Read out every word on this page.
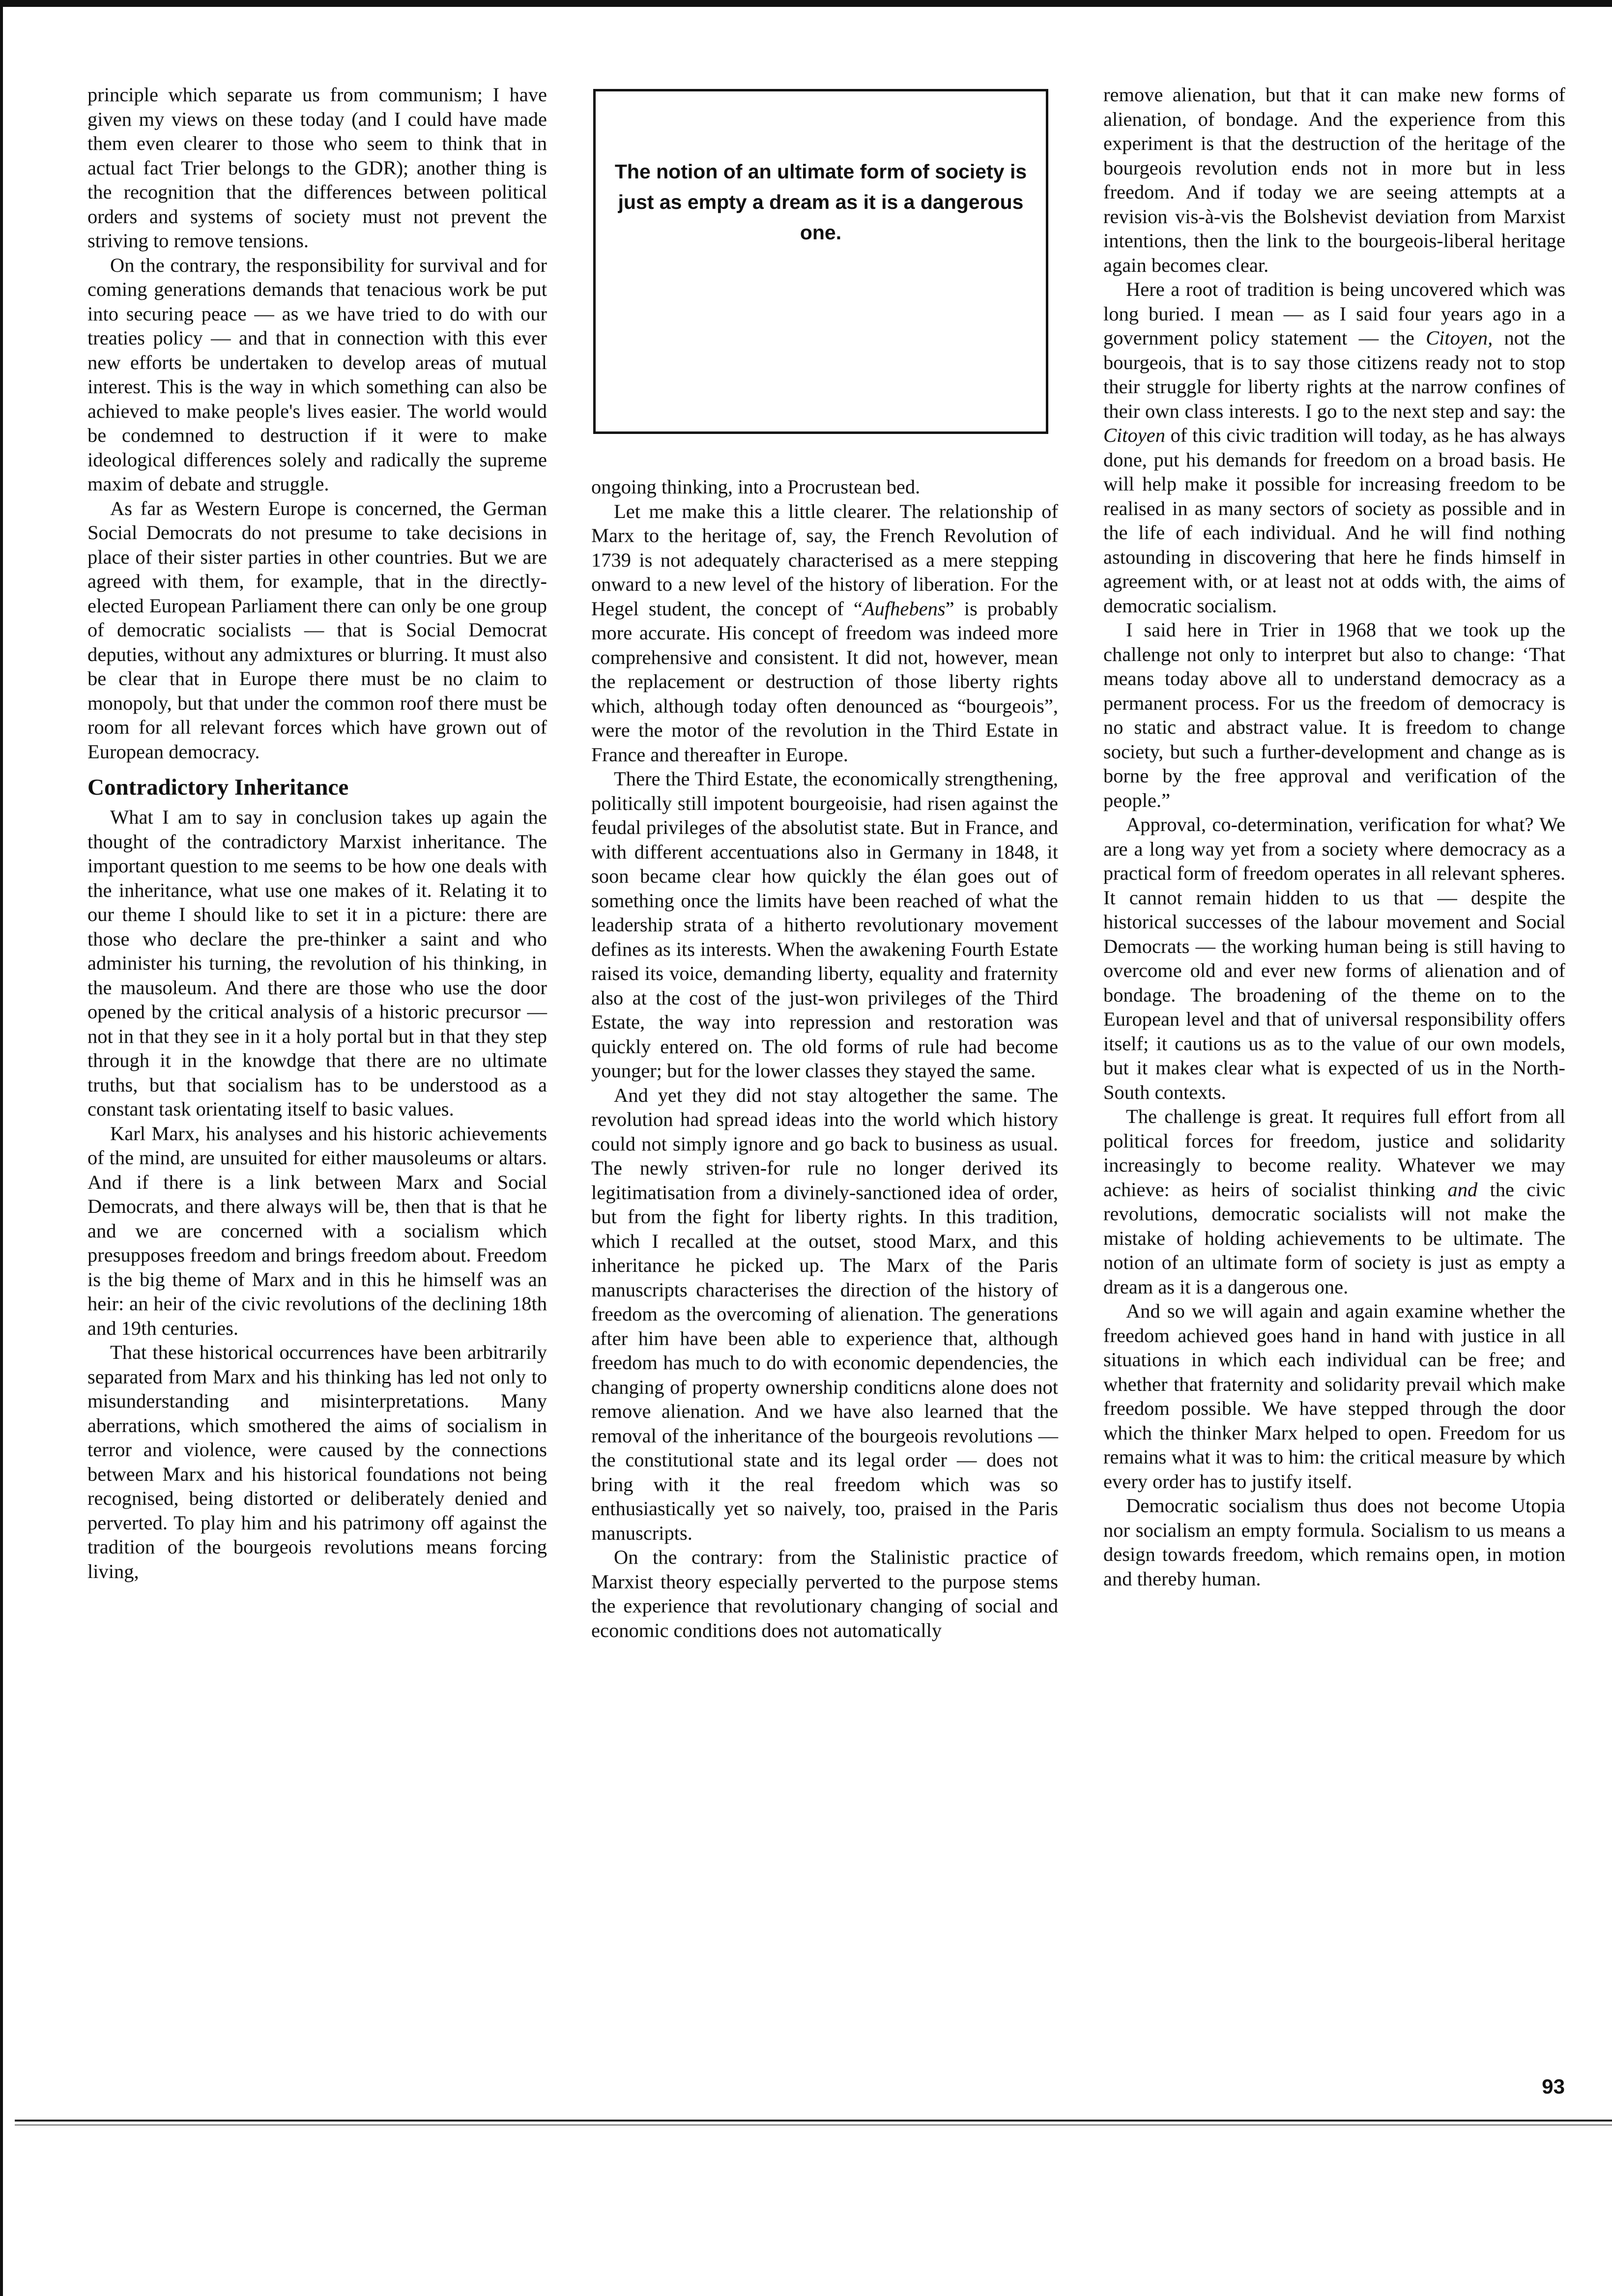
principle which separate us from communism; I have given my views on these today (and I could have made them even clearer to those who seem to think that in actual fact Trier belongs to the GDR); another thing is the recognition that the differences between political orders and systems of society must not prevent the striving to remove tensions.

On the contrary, the responsibility for survival and for coming generations demands that tenacious work be put into securing peace — as we have tried to do with our treaties policy — and that in connection with this ever new efforts be undertaken to develop areas of mutual interest. This is the way in which something can also be achieved to make people's lives easier. The world would be condemned to destruction if it were to make ideological differences solely and radically the supreme maxim of debate and struggle.

As far as Western Europe is concerned, the German Social Democrats do not presume to take decisions in place of their sister parties in other countries. But we are agreed with them, for example, that in the directly-elected European Parliament there can only be one group of democratic socialists — that is Social Democrat deputies, without any admixtures or blurring. It must also be clear that in Europe there must be no claim to monopoly, but that under the common roof there must be room for all relevant forces which have grown out of European democracy.

Contradictory Inheritance

What I am to say in conclusion takes up again the thought of the contradictory Marxist inheritance. The important question to me seems to be how one deals with the inheritance, what use one makes of it. Relating it to our theme I should like to set it in a picture: there are those who declare the pre-thinker a saint and who administer his turning, the revolution of his thinking, in the mausoleum. And there are those who use the door opened by the critical analysis of a historic precursor — not in that they see in it a holy portal but in that they step through it in the knowdge that there are no ultimate truths, but that socialism has to be understood as a constant task orientating itself to basic values.

Karl Marx, his analyses and his historic achievements of the mind, are unsuited for either mausoleums or altars. And if there is a link between Marx and Social Democrats, and there always will be, then that is that he and we are concerned with a socialism which presupposes freedom and brings freedom about. Freedom is the big theme of Marx and in this he himself was an heir: an heir of the civic revolutions of the declining 18th and 19th centuries.

That these historical occurrences have been arbitrarily separated from Marx and his thinking has led not only to misunderstanding and misinterpretations. Many aberrations, which smothered the aims of socialism in terror and violence, were caused by the connections between Marx and his historical foundations not being recognised, being distorted or deliberately denied and perverted. To play him and his patrimony off against the tradition of the bourgeois revolutions means forcing living,

The notion of an ultimate form of society is just as empty a dream as it is a dangerous one.

ongoing thinking, into a Procrustean bed.

Let me make this a little clearer. The relationship of Marx to the heritage of, say, the French Revolution of 1739 is not adequately characterised as a mere stepping onward to a new level of the history of liberation. For the Hegel student, the concept of “Aufhebens” is probably more accurate. His concept of freedom was indeed more comprehensive and consistent. It did not, however, mean the replacement or destruction of those liberty rights which, although today often denounced as “bourgeois”, were the motor of the revolution in the Third Estate in France and thereafter in Europe.

There the Third Estate, the economically strengthening, politically still impotent bourgeoisie, had risen against the feudal privileges of the absolutist state. But in France, and with different accentuations also in Germany in 1848, it soon became clear how quickly the élan goes out of something once the limits have been reached of what the leadership strata of a hitherto revolutionary movement defines as its interests. When the awakening Fourth Estate raised its voice, demanding liberty, equality and fraternity also at the cost of the just-won privileges of the Third Estate, the way into repression and restoration was quickly entered on. The old forms of rule had become younger; but for the lower classes they stayed the same.

And yet they did not stay altogether the same. The revolution had spread ideas into the world which history could not simply ignore and go back to business as usual. The newly striven-for rule no longer derived its legitimatisation from a divinely-sanctioned idea of order, but from the fight for liberty rights. In this tradition, which I recalled at the outset, stood Marx, and this inheritance he picked up. The Marx of the Paris manuscripts characterises the direction of the history of freedom as the overcoming of alienation. The generations after him have been able to experience that, although freedom has much to do with economic dependencies, the changing of property ownership conditicns alone does not remove alienation. And we have also learned that the removal of the inheritance of the bourgeois revolutions — the constitutional state and its legal order — does not bring with it the real freedom which was so enthusiastically yet so naively, too, praised in the Paris manuscripts.

On the contrary: from the Stalinistic practice of Marxist theory especially perverted to the purpose stems the experience that revolutionary changing of social and economic conditions does not automatically

remove alienation, but that it can make new forms of alienation, of bondage. And the experience from this experiment is that the destruction of the heritage of the bourgeois revolution ends not in more but in less freedom. And if today we are seeing attempts at a revision vis-à-vis the Bolshevist deviation from Marxist intentions, then the link to the bourgeois-liberal heritage again becomes clear.

Here a root of tradition is being uncovered which was long buried. I mean — as I said four years ago in a government policy statement — the Citoyen, not the bourgeois, that is to say those citizens ready not to stop their struggle for liberty rights at the narrow confines of their own class interests. I go to the next step and say: the Citoyen of this civic tradition will today, as he has always done, put his demands for freedom on a broad basis. He will help make it possible for increasing freedom to be realised in as many sectors of society as possible and in the life of each individual. And he will find nothing astounding in discovering that here he finds himself in agreement with, or at least not at odds with, the aims of democratic socialism.

I said here in Trier in 1968 that we took up the challenge not only to interpret but also to change: ‘That means today above all to understand democracy as a permanent process. For us the freedom of democracy is no static and abstract value. It is freedom to change society, but such a further-development and change as is borne by the free approval and verification of the people.”

Approval, co-determination, verification for what? We are a long way yet from a society where democracy as a practical form of freedom operates in all relevant spheres. It cannot remain hidden to us that — despite the historical successes of the labour movement and Social Democrats — the working human being is still having to overcome old and ever new forms of alienation and of bondage. The broadening of the theme on to the European level and that of universal responsibility offers itself; it cautions us as to the value of our own models, but it makes clear what is expected of us in the North-South contexts.

The challenge is great. It requires full effort from all political forces for freedom, justice and solidarity increasingly to become reality. Whatever we may achieve: as heirs of socialist thinking and the civic revolutions, democratic socialists will not make the mistake of holding achievements to be ultimate. The notion of an ultimate form of society is just as empty a dream as it is a dangerous one.

And so we will again and again examine whether the freedom achieved goes hand in hand with justice in all situations in which each individual can be free; and whether that fraternity and solidarity prevail which make freedom possible. We have stepped through the door which the thinker Marx helped to open. Freedom for us remains what it was to him: the critical measure by which every order has to justify itself.

Democratic socialism thus does not become Utopia nor socialism an empty formula. Socialism to us means a design towards freedom, which remains open, in motion and thereby human.

93
